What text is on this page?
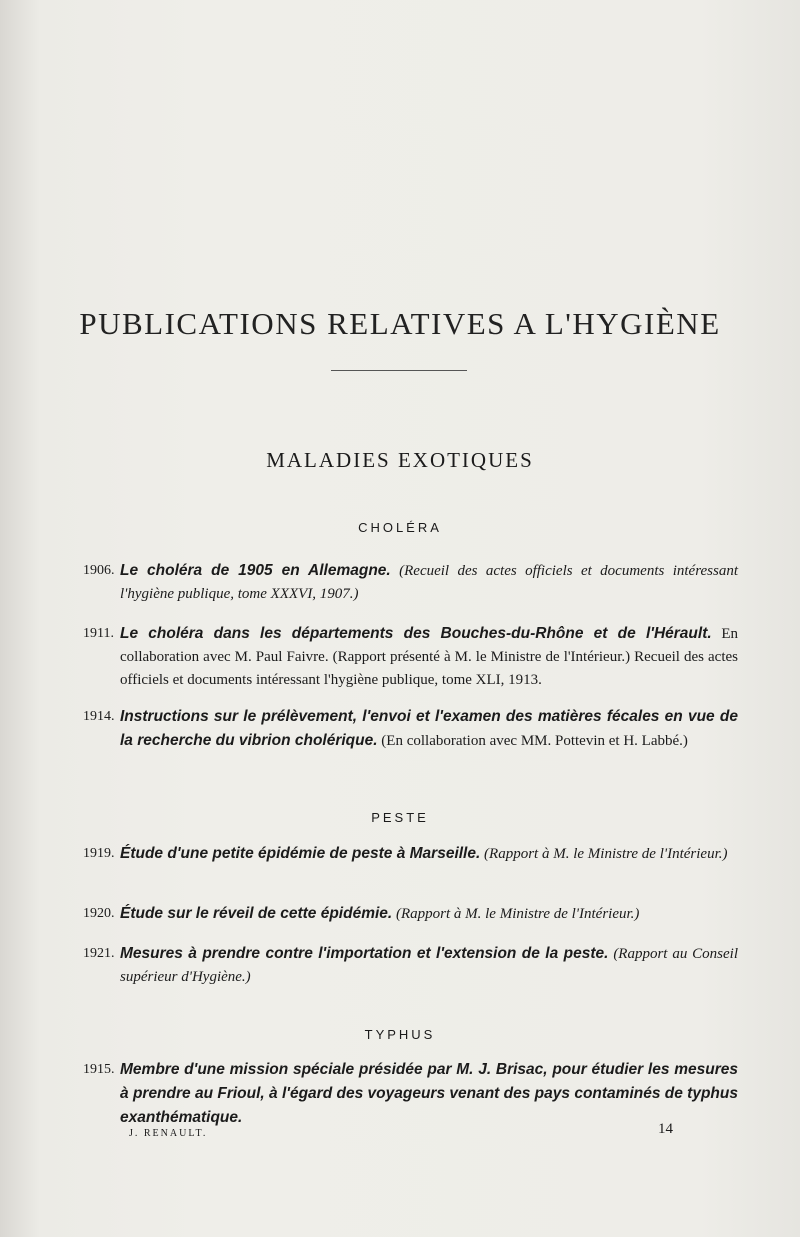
PUBLICATIONS RELATIVES A L'HYGIÈNE
MALADIES EXOTIQUES
CHOLÉRA
1906. Le choléra de 1905 en Allemagne. (Recueil des actes officiels et documents intéressant l'hygiène publique, tome XXXVI, 1907.)
1911. Le choléra dans les départements des Bouches-du-Rhône et de l'Hérault. En collaboration avec M. Paul Faivre. (Rapport présenté à M. le Ministre de l'Intérieur.) Recueil des actes officiels et documents intéressant l'hygiène publique, tome XLI, 1913.
1914. Instructions sur le prélèvement, l'envoi et l'examen des matières fécales en vue de la recherche du vibrion cholérique. (En collaboration avec MM. Pottevin et H. Labbé.)
PESTE
1919. Étude d'une petite épidémie de peste à Marseille. (Rapport à M. le Ministre de l'Intérieur.)
1920. Étude sur le réveil de cette épidémie. (Rapport à M. le Ministre de l'Intérieur.)
1921. Mesures à prendre contre l'importation et l'extension de la peste. (Rapport au Conseil supérieur d'Hygiène.)
TYPHUS
1915. Membre d'une mission spéciale présidée par M. J. Brisac, pour étudier les mesures à prendre au Frioul, à l'égard des voyageurs venant des pays contaminés de typhus exanthématique.
J. RENAULT.	14
